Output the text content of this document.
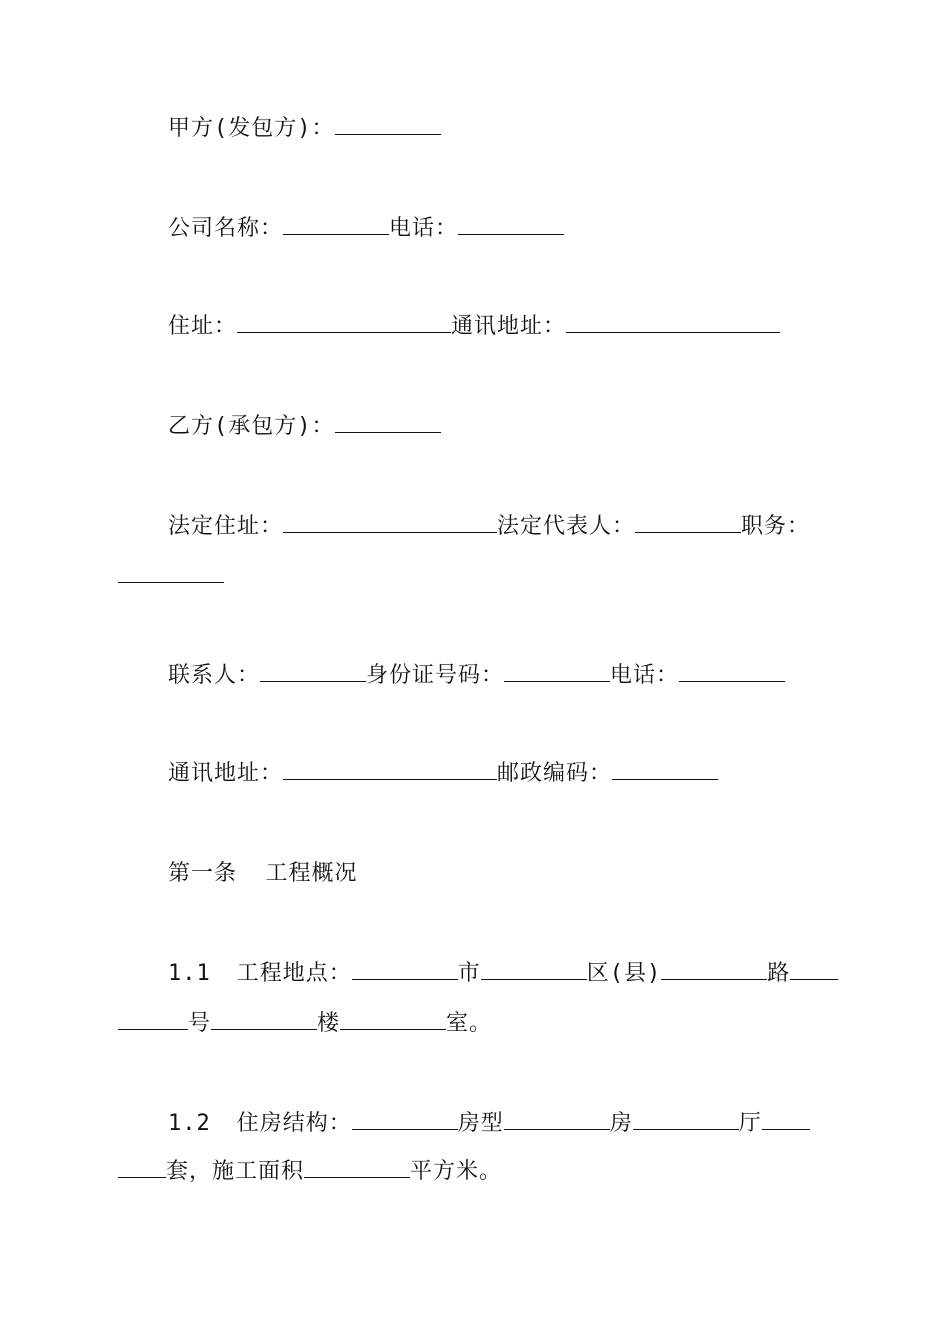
甲方(发包方)：
公司名称：	电话：
住址：	通讯地址：
乙方(承包方)：
法定住址：	法定代表人：	职务：
联系人：	身份证号码：	电话：
通讯地址：	邮政编码：
第一条  工程概况
1.1 工程地点：	市	区(县)	路
号	楼	室。
1.2 住房结构：	房型	房	厅
套，施工面积	平方米。
